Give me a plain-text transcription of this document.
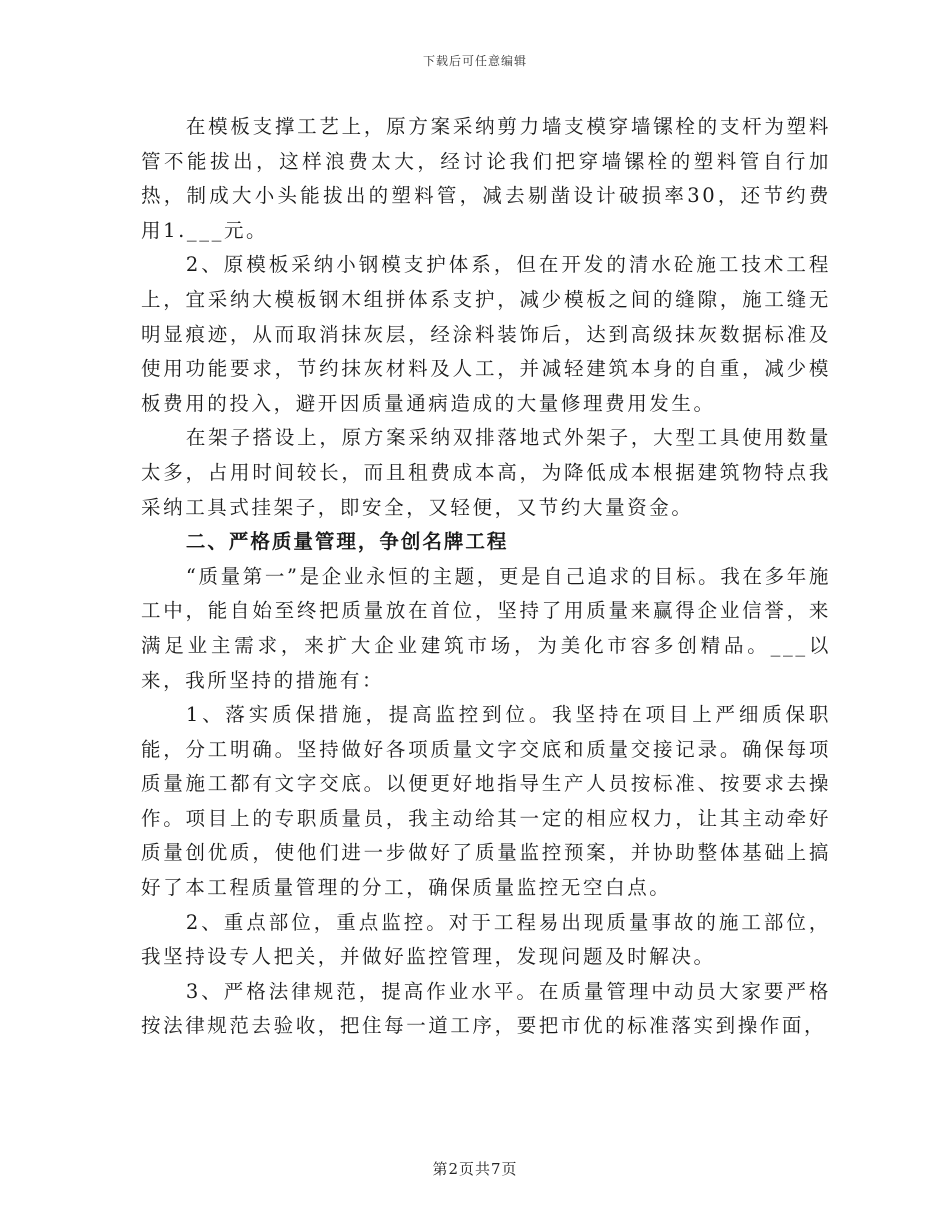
下载后可任意编辑

在模板支撑工艺上，原方案采纳剪力墙支模穿墙镙栓的支杆为塑料管不能拔出，这样浪费太大，经讨论我们把穿墙镙栓的塑料管自行加热，制成大小头能拔出的塑料管，减去剔凿设计破损率30，还节约费用1.___元。

2、原模板采纳小钢模支护体系，但在开发的清水砼施工技术工程上，宜采纳大模板钢木组拼体系支护，减少模板之间的缝隙，施工缝无明显痕迹，从而取消抹灰层，经涂料装饰后，达到高级抹灰数据标准及使用功能要求，节约抹灰材料及人工，并减轻建筑本身的自重，减少模板费用的投入，避开因质量通病造成的大量修理费用发生。

在架子搭设上，原方案采纳双排落地式外架子，大型工具使用数量太多，占用时间较长，而且租费成本高，为降低成本根据建筑物特点我采纳工具式挂架子，即安全，又轻便，又节约大量资金。

二、严格质量管理，争创名牌工程

“质量第一”是企业永恒的主题，更是自己追求的目标。我在多年施工中，能自始至终把质量放在首位，坚持了用质量来赢得企业信誉，来满足业主需求，来扩大企业建筑市场，为美化市容多创精品。___以来，我所坚持的措施有：

1、落实质保措施，提高监控到位。我坚持在项目上严细质保职能，分工明确。坚持做好各项质量文字交底和质量交接记录。确保每项质量施工都有文字交底。以便更好地指导生产人员按标准、按要求去操作。项目上的专职质量员，我主动给其一定的相应权力，让其主动牵好质量创优质，使他们进一步做好了质量监控预案，并协助整体基础上搞好了本工程质量管理的分工，确保质量监控无空白点。

2、重点部位，重点监控。对于工程易出现质量事故的施工部位，我坚持设专人把关，并做好监控管理，发现问题及时解决。

3、严格法律规范，提高作业水平。在质量管理中动员大家要严格按法律规范去验收，把住每一道工序，要把市优的标准落实到操作面，

第2页共7页
